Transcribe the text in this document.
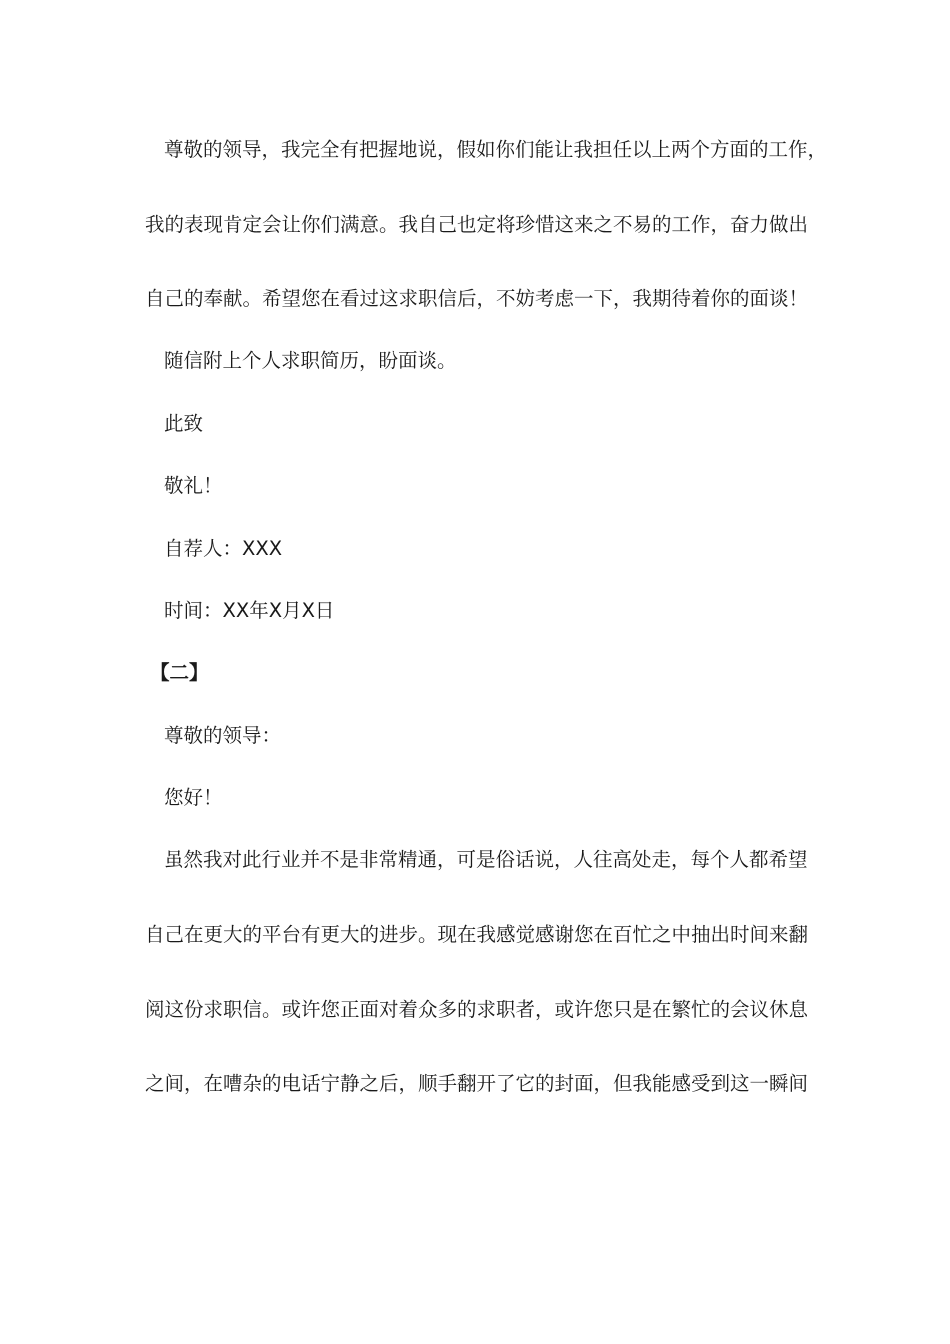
尊敬的领导，我完全有把握地说，假如你们能让我担任以上两个方面的工作，
我的表现肯定会让你们满意。我自己也定将珍惜这来之不易的工作，奋力做出
自己的奉献。希望您在看过这求职信后，不妨考虑一下，我期待着你的面谈！
随信附上个人求职简历，盼面谈。
此致
敬礼！
自荐人：XXX
时间：XX年X月X日
【二】
尊敬的领导：
您好！
虽然我对此行业并不是非常精通，可是俗话说，人往高处走，每个人都希望
自己在更大的平台有更大的进步。现在我感觉感谢您在百忙之中抽出时间来翻
阅这份求职信。或许您正面对着众多的求职者，或许您只是在繁忙的会议休息
之间，在嘈杂的电话宁静之后，顺手翻开了它的封面，但我能感受到这一瞬间
